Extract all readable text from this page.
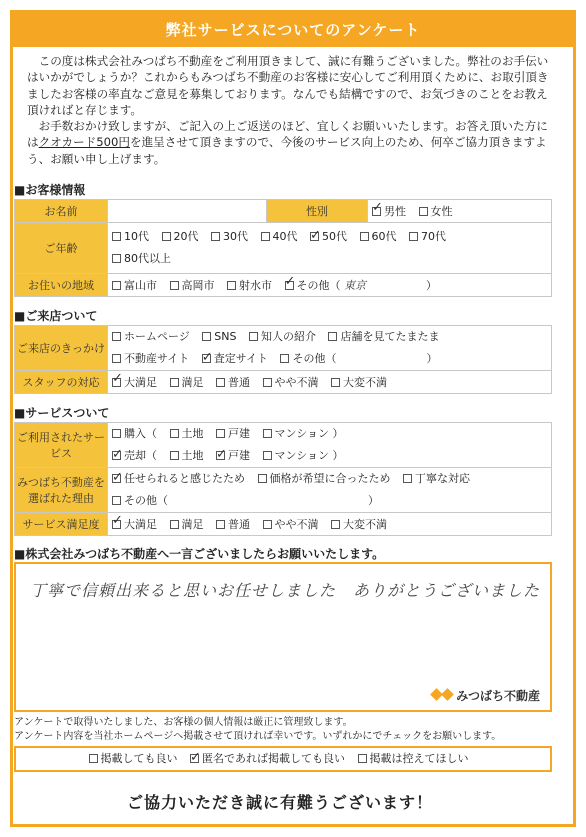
弊社サービスについてのアンケート

この度は株式会社みつばち不動産をご利用頂きまして、誠に有難うございました。弊社のお手伝いはいかがでしょうか？これからもみつばち不動産のお客様に安心してご利用頂くために、お取引頂きましたお客様の率直なご意見を募集しております。なんでも結構ですので、お気づきのことをお教え頂ければと存じます。

お手数おかけ致しますが、ご記入の上ご返送のほど、宜しくお願いいたします。お答え頂いた方にはクオカード500円を進呈させて頂きますので、今後のサービス向上のため、何卒ご協力頂きますよう、お願い申し上げます。

■お客様情報
お名前		性別	✓男性 女性
ご年齢	10代 20代 30代 40代 ✓ 50代 60代 70代
80代以上
お住いの地域	富山市 高岡市 射水市 ✓ その他（ 東京 ）
■ご来店ついて
ご来店のきっかけ	ホームページ SNS 知人の紹介 店舗を見てたまたま
不動産サイト ✓ 査定サイト その他（ ）
スタッフの対応	✓大満足 満足 普通 やや不満 大変不満
■サービスついて
ご利用されたサービス	購入（ 土地 戸建 マンション ）
✓売却（ 土地 ✓ 戸建 マンション ）
みつばち不動産を選ばれた理由	✓任せられると感じたため 価格が希望に合ったため 丁寧な対応
その他（ ）
サービス満足度	✓大満足 満足 普通 やや不満 大変不満
■株式会社みつばち不動産へ一言ございましたらお願いいたします。
丁寧で信頼出来ると思いお任せしました　ありがとうございました
みつばち不動産
アンケートで取得いたしました、お客様の個人情報は厳正に管理致します。
アンケート内容を当社ホームページへ掲載させて頂ければ幸いです。いずれかにでチェックをお願いします。
掲載しても良い ✓ 匿名であれば掲載しても良い 掲載は控えてほしい
ご協力いただき誠に有難うございます！
